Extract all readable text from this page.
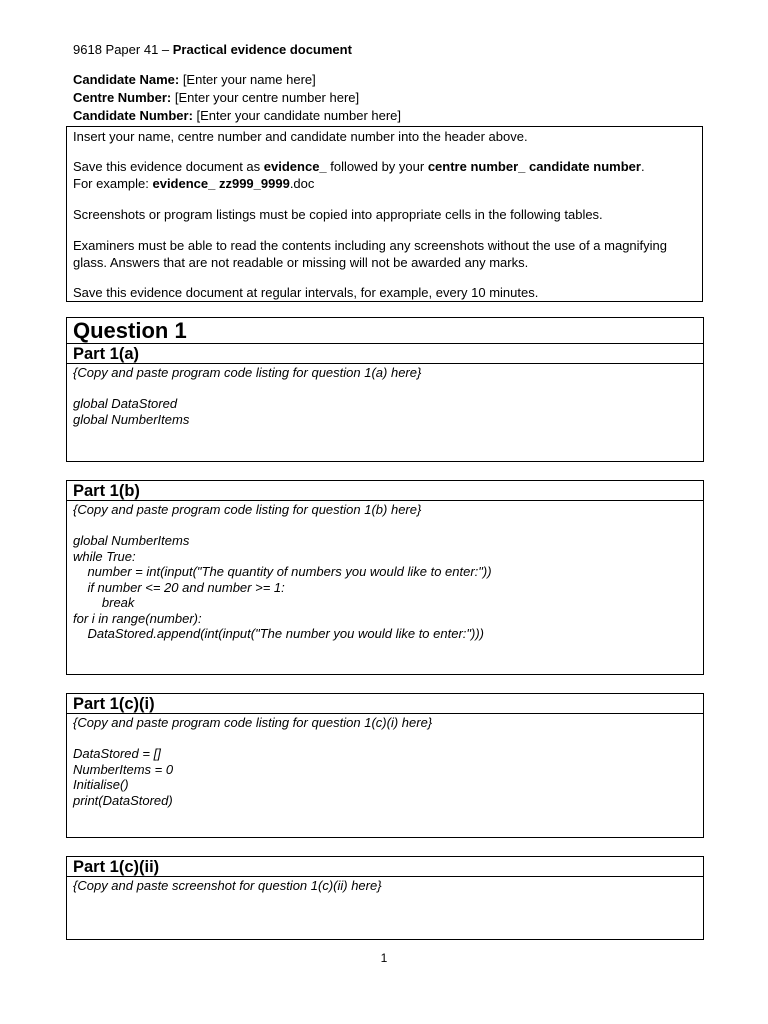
9618 Paper 41 – Practical evidence document
Candidate Name: [Enter your name here]
Centre Number: [Enter your centre number here]
Candidate Number: [Enter your candidate number here]

Insert your name, centre number and candidate number into the header above.

Save this evidence document as evidence_ followed by your centre number_ candidate number.
For example: evidence_ zz999_9999.doc

Screenshots or program listings must be copied into appropriate cells in the following tables.

Examiners must be able to read the contents including any screenshots without the use of a magnifying glass. Answers that are not readable or missing will not be awarded any marks.

Save this evidence document at regular intervals, for example, every 10 minutes.

Question 1
Part 1(a)
{Copy and paste program code listing for question 1(a) here}
global DataStored
global NumberItems
Part 1(b)
{Copy and paste program code listing for question 1(b) here}
global NumberItems
while True:
number = int(input("The quantity of numbers you would like to enter:"))
if number <= 20 and number >= 1:
break
for i in range(number):
DataStored.append(int(input("The number you would like to enter:")))
Part 1(c)(i)
{Copy and paste program code listing for question 1(c)(i) here}
DataStored = []
NumberItems = 0
Initialise()
print(DataStored)
Part 1(c)(ii)
{Copy and paste screenshot for question 1(c)(ii) here}
1
